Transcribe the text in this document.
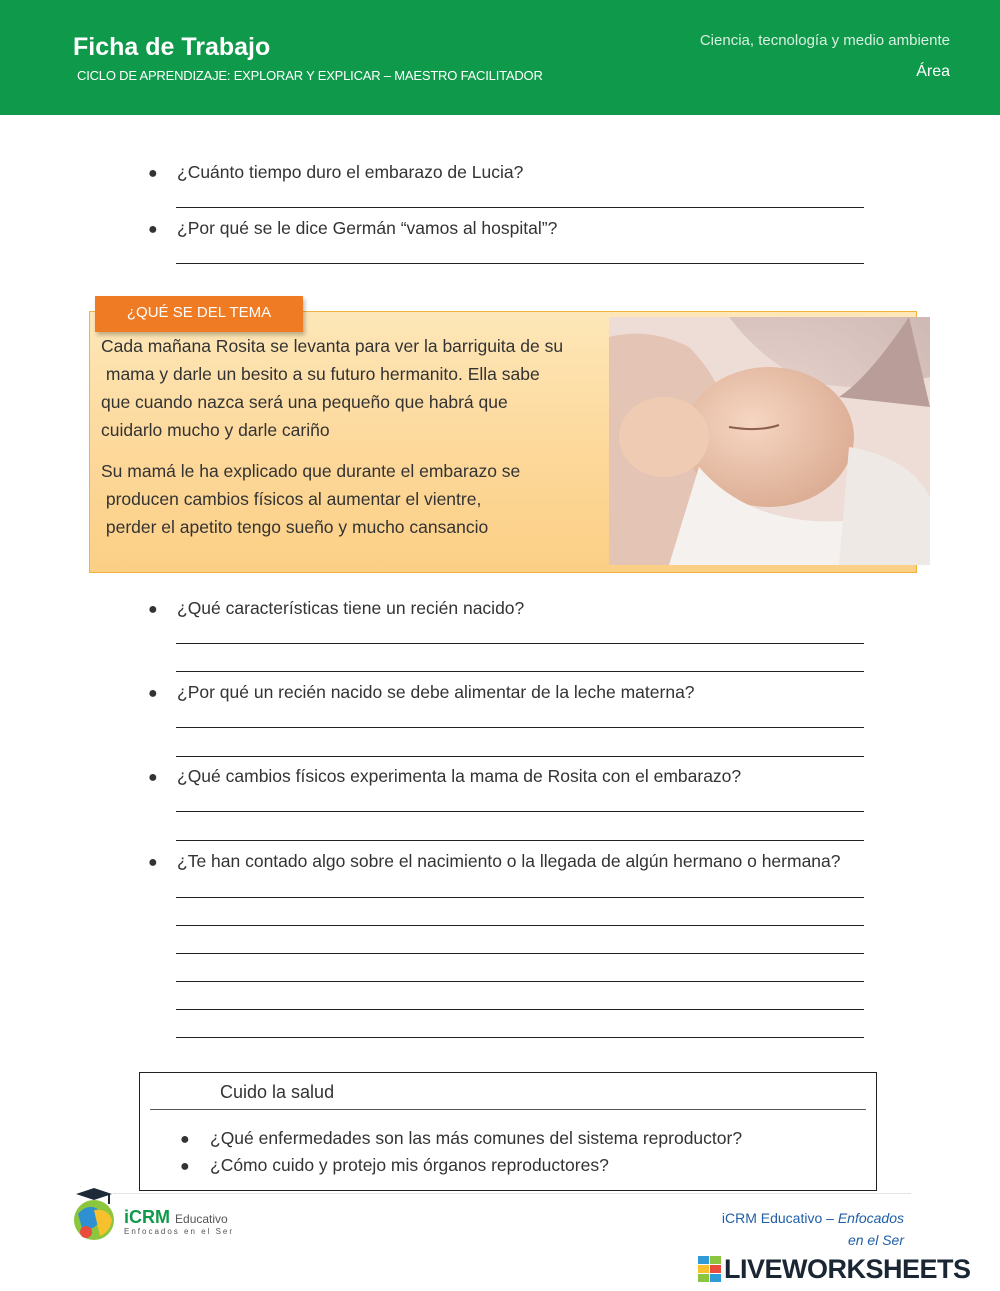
Ficha de Trabajo
CICLO DE APRENDIZAJE: EXPLORAR Y EXPLICAR – MAESTRO FACILITADOR
Ciencia, tecnología y medio ambiente
Área
● ¿Cuánto tiempo duro el embarazo de Lucia?
● ¿Por qué se le dice Germán “vamos al hospital”?
¿QUÉ SE DEL TEMA
Cada mañana Rosita se levanta para ver la barriguita de su
mama y darle un besito a su futuro hermanito. Ella sabe
que cuando nazca será una pequeño que habrá que
cuidarlo mucho y darle cariño
Su mamá le ha explicado que durante el embarazo se
producen cambios físicos al aumentar el vientre,
perder el apetito tengo sueño y mucho cansancio
● ¿Qué características tiene un recién nacido?
● ¿Por qué un recién nacido se debe alimentar de la leche materna?
● ¿Qué cambios físicos experimenta la mama de Rosita con el embarazo?
● ¿Te han contado algo sobre el nacimiento o la llegada de algún hermano o hermana?
Cuido la salud
● ¿Qué enfermedades son las más comunes del sistema reproductor?
● ¿Cómo cuido y protejo mis órganos reproductores?
iCRM Educativo
Enfocados en el Ser
iCRM Educativo – Enfocados
en el Ser
LIVEWORKSHEETS
